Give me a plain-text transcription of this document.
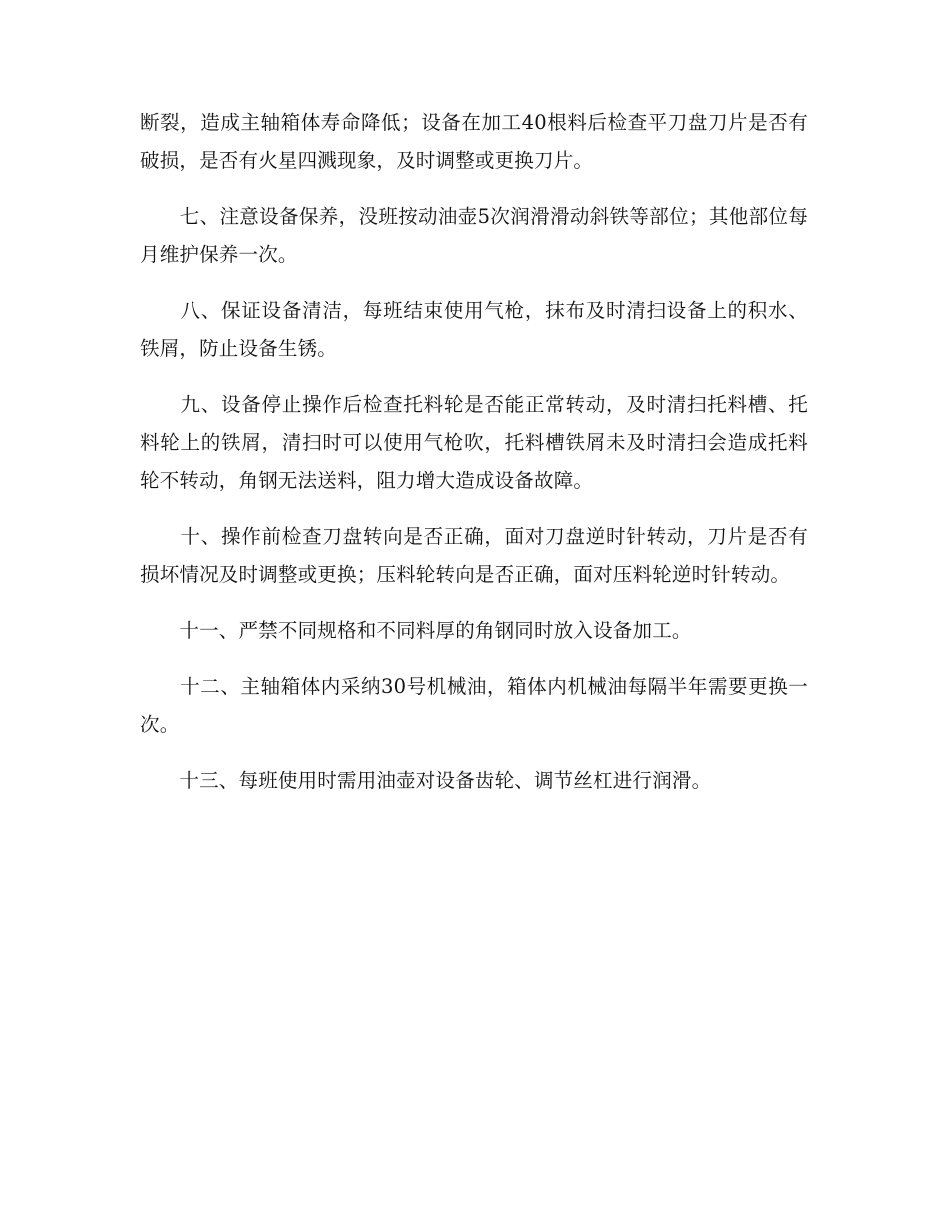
断裂，造成主轴箱体寿命降低；设备在加工40根料后检查平刀盘刀片是否有破损，是否有火星四溅现象，及时调整或更换刀片。

　　七、注意设备保养，没班按动油壶5次润滑滑动斜铁等部位；其他部位每月维护保养一次。

　　八、保证设备清洁，每班结束使用气枪，抹布及时清扫设备上的积水、铁屑，防止设备生锈。

　　九、设备停止操作后检查托料轮是否能正常转动，及时清扫托料槽、托料轮上的铁屑，清扫时可以使用气枪吹，托料槽铁屑未及时清扫会造成托料轮不转动，角钢无法送料，阻力增大造成设备故障。

　　十、操作前检查刀盘转向是否正确，面对刀盘逆时针转动，刀片是否有损坏情况及时调整或更换；压料轮转向是否正确，面对压料轮逆时针转动。

　　十一、严禁不同规格和不同料厚的角钢同时放入设备加工。

　　十二、主轴箱体内采纳30号机械油，箱体内机械油每隔半年需要更换一次。

　　十三、每班使用时需用油壶对设备齿轮、调节丝杠进行润滑。
